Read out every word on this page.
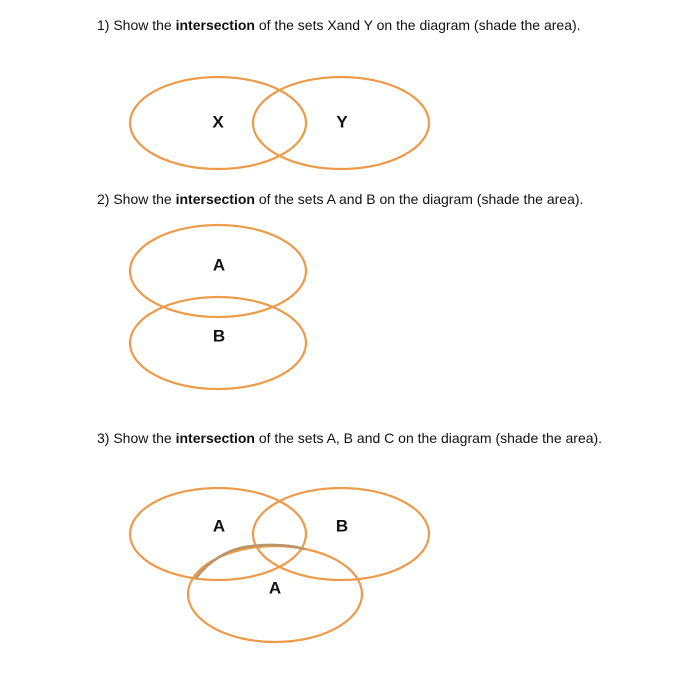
1) Show the intersection of the sets Xand Y on the diagram (shade the area).

2) Show the intersection of the sets A and B on the diagram (shade the area).

3) Show the intersection of the sets A, B and C on the diagram (shade the area).

X	Y
A
B
A	B
A
